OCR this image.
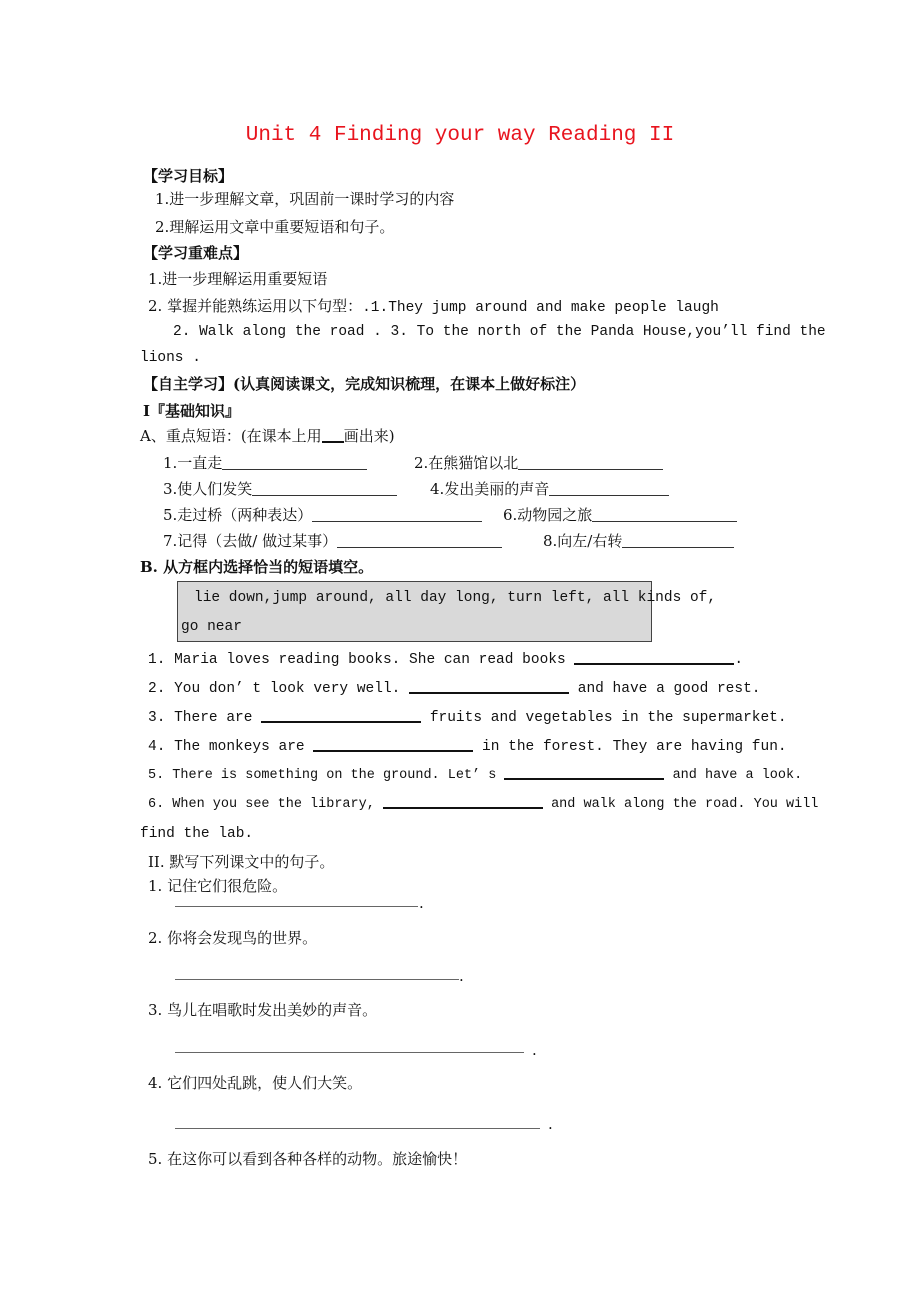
Unit 4 Finding your way Reading II
【学习目标】
1.进一步理解文章，巩固前一课时学习的内容
2.理解运用文章中重要短语和句子。
【学习重难点】
1.进一步理解运用重要短语
2. 掌握并能熟练运用以下句型：.1.They jump around and make people laugh
2. Walk along the road . 3. To the north of the Panda House,you’ll find the
lions .
【自主学习】(认真阅读课文，完成知识梳理，在课本上做好标注）
Ⅰ『基础知识』
A、重点短语：(在课本上用 画出来)
1.一直走	2.在熊猫馆以北
3.使人们发笑	4.发出美丽的声音
5.走过桥（两种表达）	6.动物园之旅
7.记得（去做/ 做过某事）	8.向左/右转
B. 从方框内选择恰当的短语填空。
lie down,jump around, all day long, turn left, all kinds of,
go near
1. Maria loves reading books. She can read books	.
2. You don’ t look very well.	and have a good rest.
3. There are	fruits and vegetables in the supermarket.
4. The monkeys are	in the forest. They are having fun.
5. There is something on the ground. Let’ s	and have a look.
6. When you see the library,	and walk along the road. You will
find the lab.
II. 默写下列课文中的句子。
1. 记住它们很危险。
.
2. 你将会发现鸟的世界。
.
3. 鸟儿在唱歌时发出美妙的声音。
.
4. 它们四处乱跳，使人们大笑。
.
5. 在这你可以看到各种各样的动物。旅途愉快！
